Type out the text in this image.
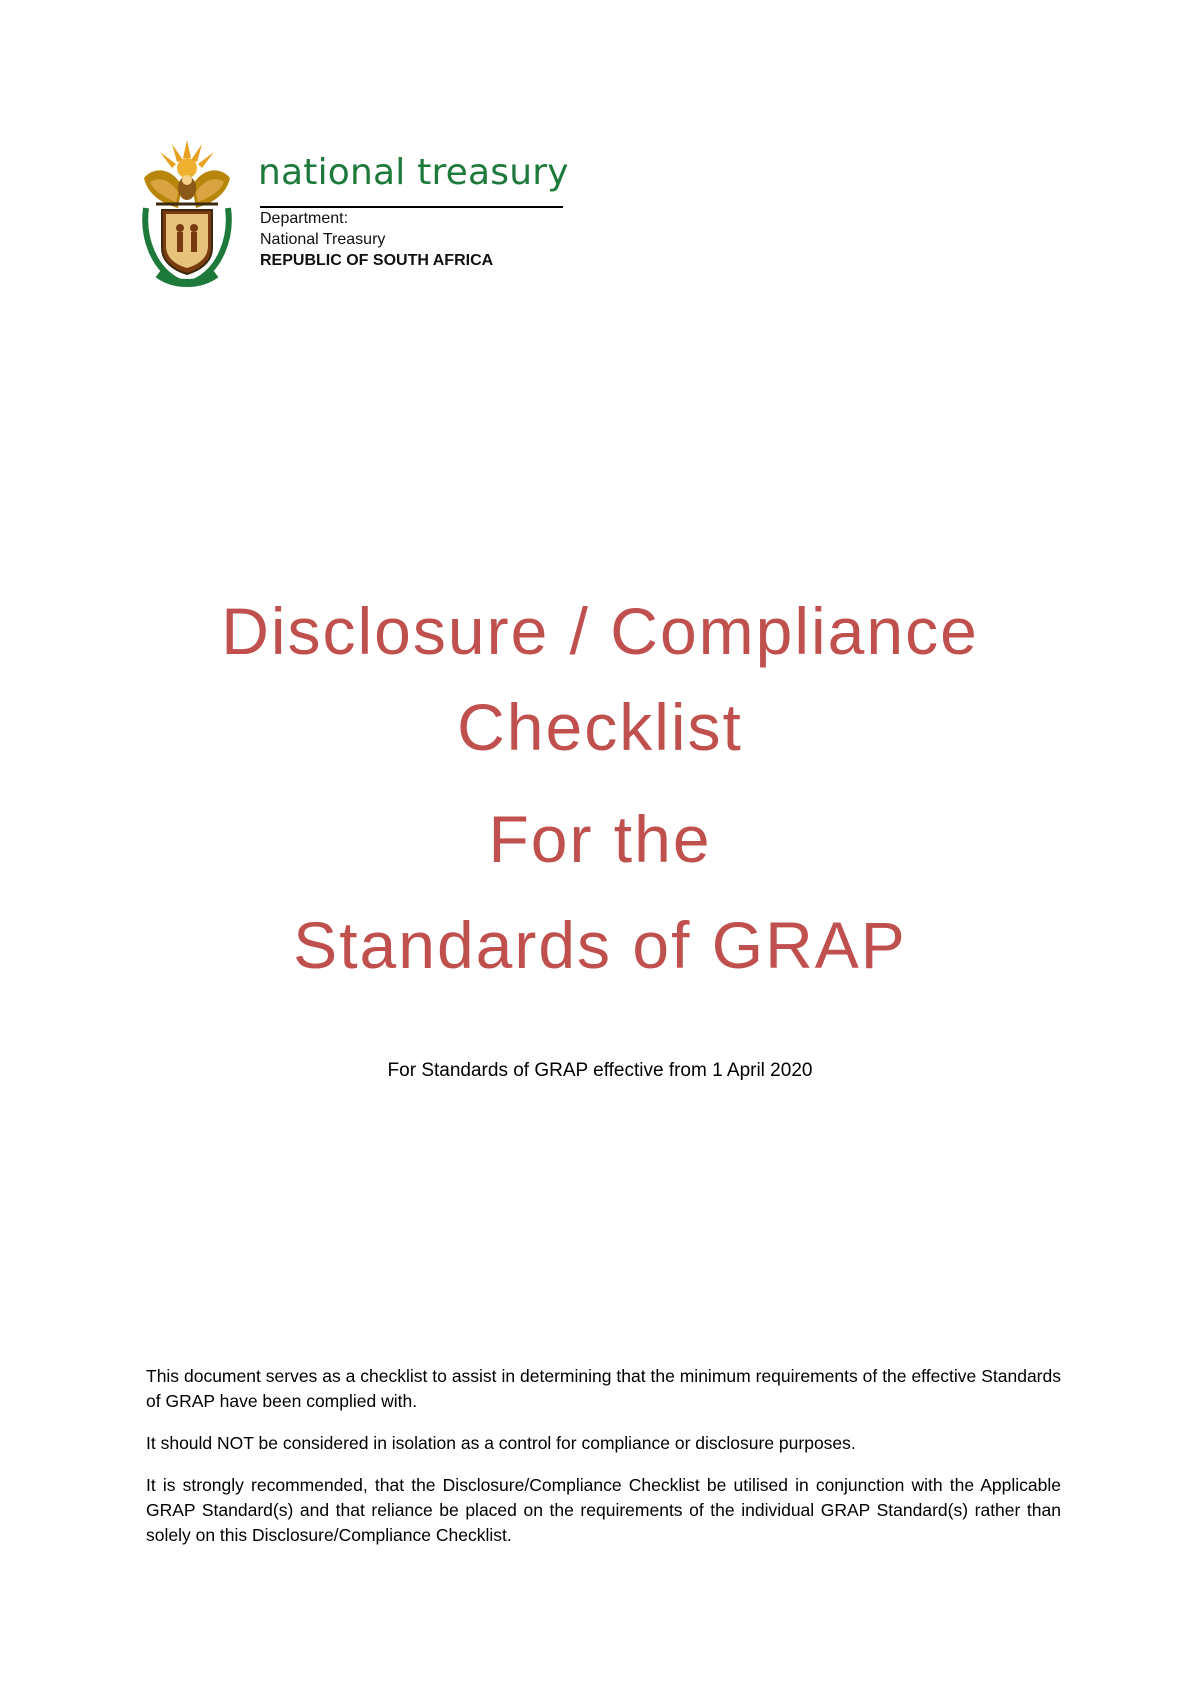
national treasury
Department:
National Treasury
REPUBLIC OF SOUTH AFRICA
Disclosure / Compliance
Checklist
For the
Standards of GRAP
For Standards of GRAP effective from 1 April 2020

This document serves as a checklist to assist in determining that the minimum requirements of the effective Standards of GRAP have been complied with.

It should NOT be considered in isolation as a control for compliance or disclosure purposes.

It is strongly recommended, that the Disclosure/Compliance Checklist be utilised in conjunction with the Applicable GRAP Standard(s) and that reliance be placed on the requirements of the individual GRAP Standard(s) rather than solely on this Disclosure/Compliance Checklist.
